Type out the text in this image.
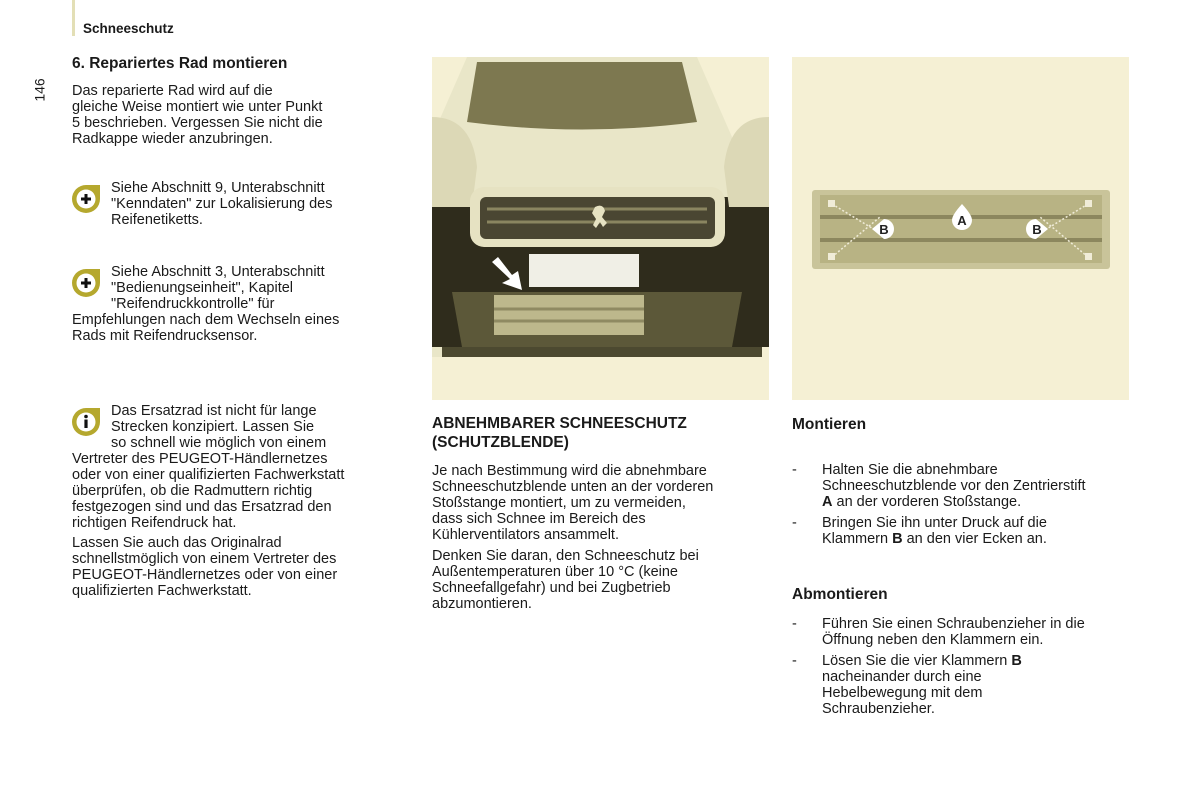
Schneeschutz
146
6. Repariertes Rad montieren
Das reparierte Rad wird auf die
gleiche Weise montiert wie unter Punkt
5 beschrieben. Vergessen Sie nicht die
Radkappe wieder anzubringen.
Siehe Abschnitt 9, Unterabschnitt
"Kenndaten" zur Lokalisierung des
Reifenetiketts.
Siehe Abschnitt 3, Unterabschnitt
"Bedienungseinheit", Kapitel
"Reifendruckkontrolle" für
Empfehlungen nach dem Wechseln eines
Rads mit Reifendrucksensor.
Das Ersatzrad ist nicht für lange
Strecken konzipiert. Lassen Sie
so schnell wie möglich von einem
Vertreter des PEUGEOT-Händlernetzes
oder von einer qualifizierten Fachwerkstatt
überprüfen, ob die Radmuttern richtig
festgezogen sind und das Ersatzrad den
richtigen Reifendruck hat.
Lassen Sie auch das Originalrad
schnellstmöglich von einem Vertreter des
PEUGEOT-Händlernetzes oder von einer
qualifizierten Fachwerkstatt.
ABNEHMBARER SCHNEESCHUTZ
(SCHUTZBLENDE)
Je nach Bestimmung wird die abnehmbare
Schneeschutzblende unten an der vorderen
Stoßstange montiert, um zu vermeiden,
dass sich Schnee im Bereich des
Kühlerventilators ansammelt.
Denken Sie daran, den Schneeschutz bei
Außentemperaturen über 10 °C (keine
Schneefallgefahr) und bei Zugbetrieb
abzumontieren.
A
B	B
Montieren
- Halten Sie die abnehmbare
Schneeschutzblende vor den Zentrierstift
A an der vorderen Stoßstange.
- Bringen Sie ihn unter Druck auf die
Klammern B an den vier Ecken an.
Abmontieren
- Führen Sie einen Schraubenzieher in die
Öffnung neben den Klammern ein.
- Lösen Sie die vier Klammern B
nacheinander durch eine
Hebelbewegung mit dem
Schraubenzieher.
